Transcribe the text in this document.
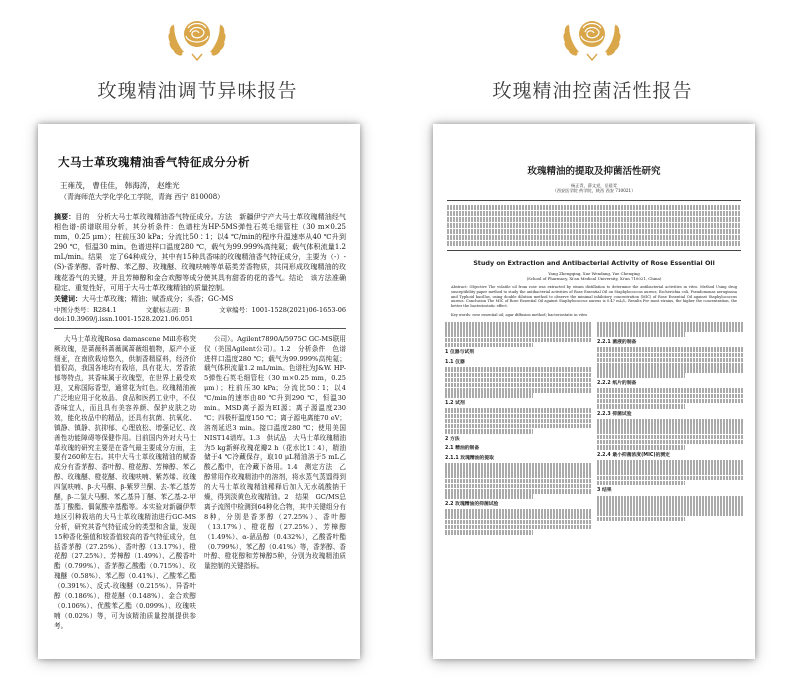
玫瑰精油调节异味报告
大马士革玫瑰精油香气特征成分分析
王雍茂， 曹佳佳， 韩海涛， 赵维光
（青海师范大学化学化工学院，青海 西宁 810008）
摘要：目的　分析大马士革玫瑰精油香气特征成分。方法　新疆伊宁产大马士革玫瑰精油经气相色谱-质谱联用分析，其分析条件：色谱柱为HP-5MS弹性石英毛细管柱（30 m×0.25 mm，0.25 μm）；柱前压30 kPa；分流比50∶1；以4 ℃/min的程序升温速率从40 ℃升到290 ℃，恒温30 min。色谱进样口温度280 ℃，载气为99.999%高纯氦；载气体积流量1.2 mL/min。结果　定了64种成分，其中有15种具香味的玫瑰精油香气特征成分，主要为（-）-(S)-香茅醇、香叶醇、苯乙醇、玫瑰醚、玫瑰呋喃等单萜类芳香物质，共同形成玫瑰精油的玫瑰花香气的关键，并且芳樟醇和金合欢醇等成分使其具有甜香的花的香气。结论　该方法准确稳定、重复性好，可用于大马士革玫瑰精油的质量控制。
关键词：大马士革玫瑰；精油；赋香成分；头香；GC-MS
中图分类号：R284.1	文献标志码：B	文章编号：1001-1528(2021)06-1653-06
doi:10.3969/j.issn.1001-1528.2021.06.051

大马士革玫瑰Rosa damascene Mill亦称突厥玫瑰，是蔷薇科蔷薇属蔷薇组植物，原产小亚细亚，在南欧栽培悠久，供制香精原料，经济价值很高，我国各地均有栽培，具有花大、芳香浓郁等特点，其香味属于玫瑰型，在世界上最受欢迎，又称国际香型，通常花为红色。玫瑰精油被广泛地应用于化妆品、食品和医药工业中，不仅香味宜人，而且具有美容养颜、保护皮肤之功效，能化妆品中的精品，还具有抗菌、抗氧化、镇静、镇静、抗抑郁、心理放松、增强记忆、改善性功能障碍等保健作用。目前国内外对大马士革玫瑰的研究主要是在香气最主要成分方面，主要有260种左右。其中大马士革玫瑰精油的赋香成分有香茅醇、香叶醇、橙花醇、芳樟醇、苯乙醇、玫瑰醚、橙花醚、玫瑰呋喃、紫苏烯、玫瑰四氢呋喃、β-大马酮、β-紫罗兰酮、去-苯乙基芳醚，β-二氢大马酮、苯乙基异丁醚、苯乙基-2-甲基丁酸酯、偶氮酸辛基酯等。本实验对新疆伊犁地区引种栽培的大马士革玫瑰精油进行GC-MS分析，研究其香气特征成分的类型和含量，发现15种香化强值和较香值较高的香气特征成分，包括香茅醇（27.25%）、香叶醇（13.17%）、橙花醇（27.25%）、芳樟醇（1.49%）、乙酸香叶酯（0.799%）、香茅醇乙酸酯（0.715%）、玫瑰醚（0.58%）、苯乙醇（0.41%）、乙酸苯乙酯（0.391%）、反式-玫瑰醚（0.215%）、异香叶醇（0.186%）、橙花醚（0.148%）、金合欢醇（0.106%）、优酸苯乙酯（0.099%）、玫瑰呋喃（0.02%）等，可为该精油质量控制提供参考。

公司）。Agilent7890A/5975C GC-MS联用仪（美国Agilent公司）。1.2　分析条件　色谱进样口温度280 ℃；载气为99.999%高纯氦；载气体积流量1.2 mL/min。色谱柱为J&W. HP-5弹性石英毛细管柱（30 m×0.25 mm，0.25 μm）；柱前压30 kPa；分流比50∶1；以4 ℃/min的速率由80 ℃升到290 ℃，恒温30 min。MSD离子源为EI源；离子源温度230 ℃；四极杆温度150 ℃；离子源电离能70 eV；溶剂延迟3 min。接口温度280 ℃；使用美国NIST14谱库。1.3　供试品　大马士革玫瑰精油为5 kg新鲜玫瑰花瓣2 h（花水比1∶4），精油储于4 ℃冷藏保存，取10 μL精油溶于5 mL乙酸乙酯中，在冷藏下备用。1.4　测定方法　乙醇常用作玫瑰精油中的溶剂，将水蒸气蒸馏得到的大马士革玫瑰精油稀释后加入无水硫酸钠干燥，得到淡黄色玫瑰精油。2　结果　GC/MS总离子流图中检测到64种化合物，其中关键组分有8种，分别是香茅醇（27.25%）、香叶醇（13.17%）、橙花醇（27.25%）、芳樟醇（1.49%）、α-蒎品醇（0.432%），乙酸香叶酯（0.799%），苯乙醇（0.41%）等，香茅醇、香叶醇、橙花醇和芳樟醇5种，分别为玫瑰精油质量控制的关键指标。

玫瑰精油控菌活性报告
玫瑰精油的提取及抑菌活性研究
杨正青，薛文党，岳晨青
（西安医学院 药学院，陕西 西安 710021）
Study on Extraction and Antibacterial Activity of Rose Essential Oil
Yang Zhengqing, Xue Wendang, Yue Chenqing
(School of Pharmacy, Xi'an Medical University, Xi'an 710021, China)
Abstract: Objective The volatile oil from rose was extracted by steam distillation to determine the antibacterial activities in vitro. Method Using drug susceptibility paper method to study the antibacterial activities of Rose Essential Oil on Staphylococcus aureus, Escherichia coli, Pseudomonas aeruginosa and Typhoid bacillus, using double dilution method to observe the minimal inhibitory concentration (MIC) of Rose Essential Oil against Staphylococcus aureus. Conclusion The MIC of Rose Essential Oil against Staphylococcus aureus is 0.47 mL/L. Results For most strains, the higher the concentration, the better the bacteriostatic effect.
Key words: rose essential oil; agar diffusion method; bacteriostatic in vitro
1 仪器与试剂
1.1 仪器
1.2 试剂
2 方法
2.1 精油的制备
2.1.1 玫瑰精油的提取
2.2 玫瑰精油的抑菌试验
2.2.1 菌液的制备
2.2.2 纸片的制备
2.2.3 抑菌试验
2.2.4 最小抑菌浓度(MIC)的测定
3 结果
